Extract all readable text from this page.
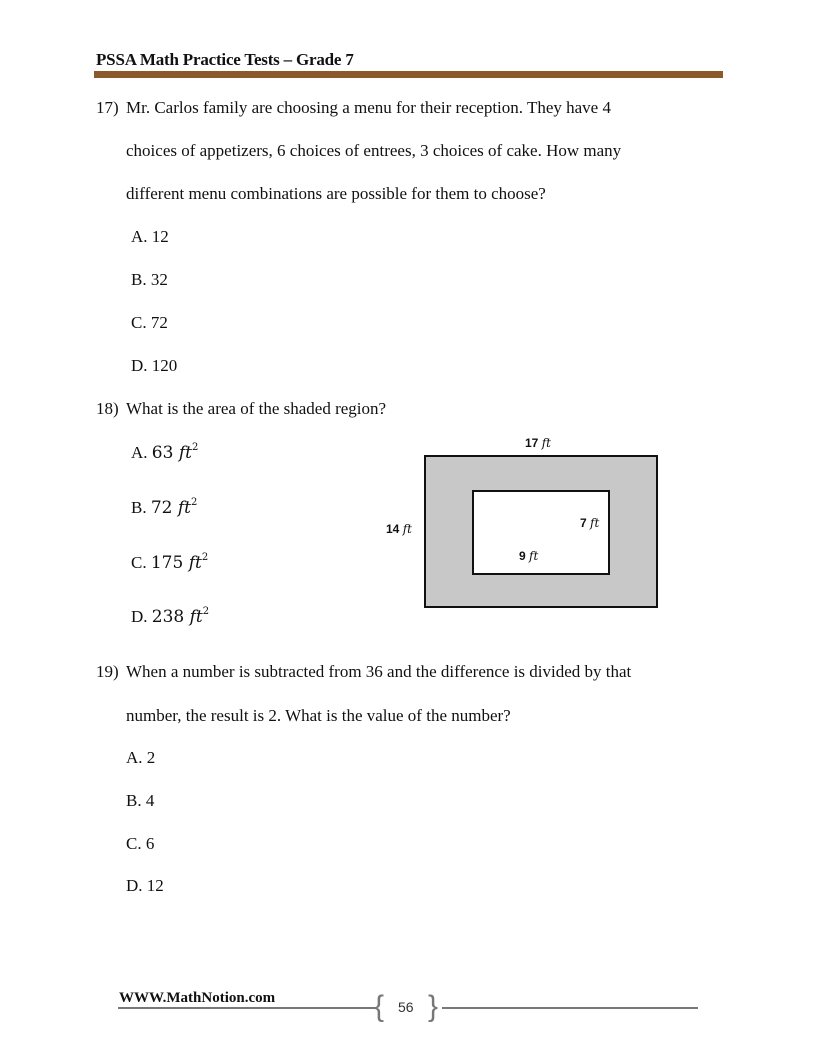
PSSA Math Practice Tests – Grade 7
17) Mr. Carlos family are choosing a menu for their reception. They have 4
choices of appetizers, 6 choices of entrees, 3 choices of cake. How many
different menu combinations are possible for them to choose?
A. 12
B. 32
C. 72
D. 120
18) What is the area of the shaded region?
A. 63 $ft^2$
B. 72 $ft^2$
C. 175 $ft^2$
D. 238 $ft^2$
17 ft
14 ft	7 ft
9 ft
19) When a number is subtracted from 36 and the difference is divided by that
number, the result is 2. What is the value of the number?
A. 2
B. 4
C. 6
D. 12
WWW.MathNotion.com	{ 56 }
